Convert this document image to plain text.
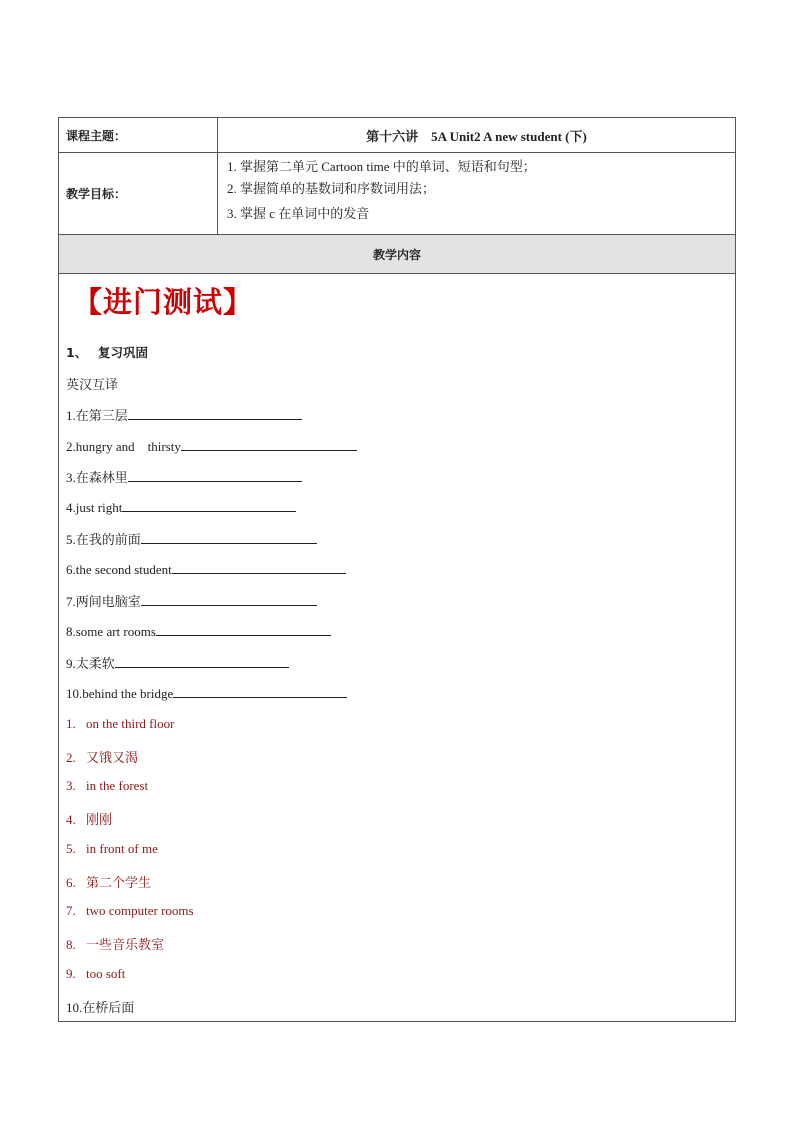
课程主题：	第十六讲　5A Unit2 A new student (下)
教学目标：
1. 掌握第二单元 Cartoon time 中的单词、短语和句型；
2. 掌握简单的基数词和序数词用法；
3. 掌握 c 在单词中的发音
教学内容
【进门测试】
1、 复习巩固
英汉互译
1.在第三层
2.hungry and　thirsty
3.在森林里
4.just right
5.在我的前面
6.the second student
7.两间电脑室
8.some art rooms
9.太柔软
10.behind the bridge
1. on the third floor
2. 又饿又渴
3. in the forest
4. 刚刚
5. in front of me
6. 第二个学生
7. two computer rooms
8. 一些音乐教室
9. too soft
10.在桥后面
